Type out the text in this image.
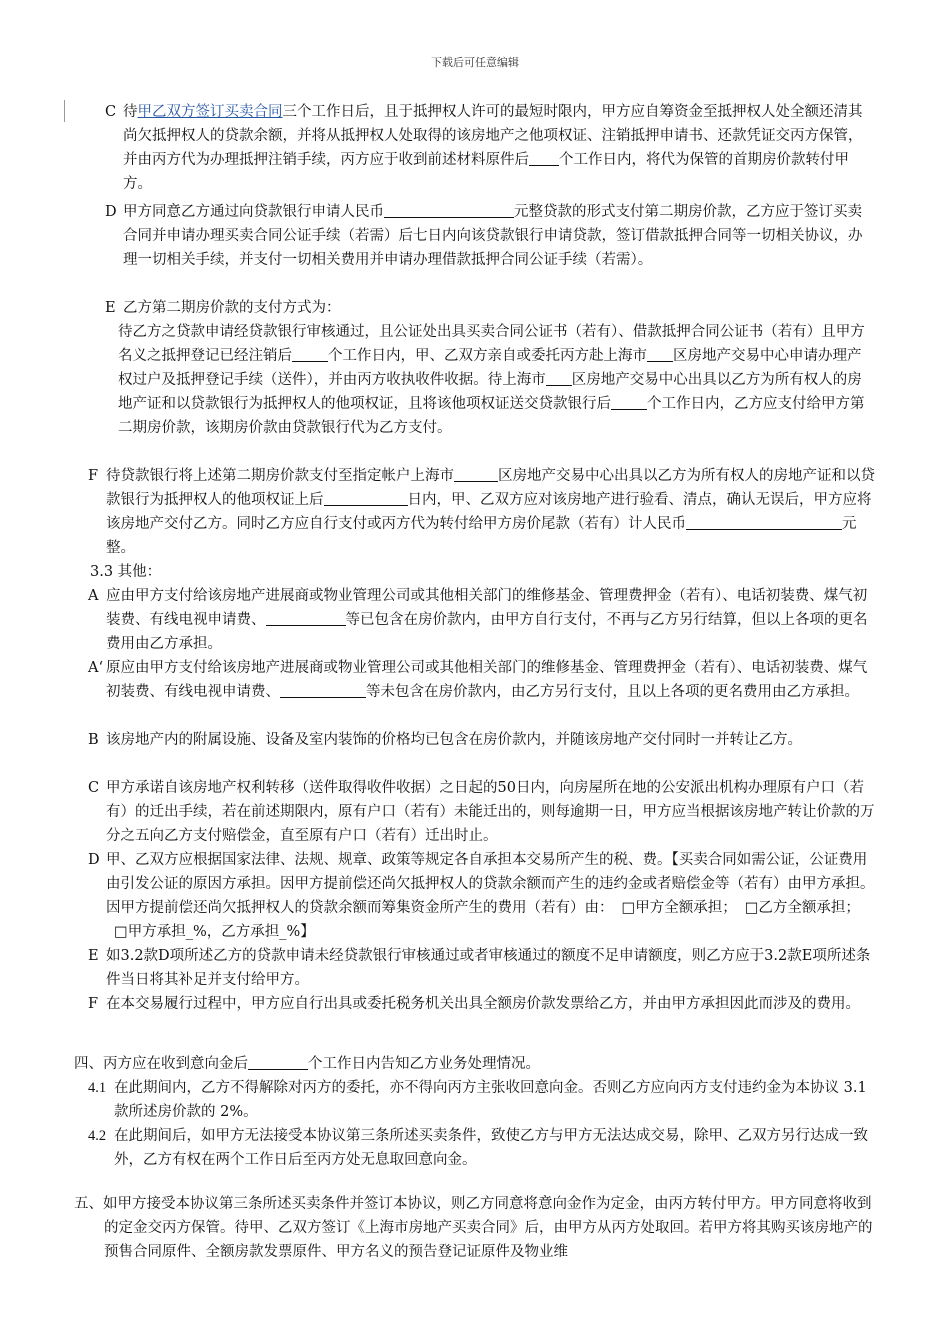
下载后可任意编辑
C 待甲乙双方签订买卖合同三个工作日后，且于抵押权人许可的最短时限内，甲方应自筹资金至抵押权人处全额还清其尚欠抵押权人的贷款余额，并将从抵押权人处取得的该房地产之他项权证、注销抵押申请书、还款凭证交丙方保管，并由丙方代为办理抵押注销手续，丙方应于收到前述材料原件后 个工作日内，将代为保管的首期房价款转付甲方。
D 甲方同意乙方通过向贷款银行申请人民币	元整贷款的形式支付第二期房价款，乙方应于签订买卖合同并申请办理买卖合同公证手续（若需）后七日内向该贷款银行申请贷款，签订借款抵押合同等一切相关协议，办理一切相关手续，并支付一切相关费用并申请办理借款抵押合同公证手续（若需）。
E 乙方第二期房价款的支付方式为：
待乙方之贷款申请经贷款银行审核通过，且公证处出具买卖合同公证书（若有）、借款抵押合同公证书（若有）且甲方名义之抵押登记已经注销后 个工作日内，甲、乙双方亲自或委托丙方赴上海市 区房地产交易中心申请办理产权过户及抵押登记手续（送件），并由丙方收执收件收据。待上海市 区房地产交易中心出具以乙方为所有权人的房地产证和以贷款银行为抵押权人的他项权证，且将该他项权证送交贷款银行后 个工作日内，乙方应支付给甲方第二期房价款，该期房价款由贷款银行代为乙方支付。
F 待贷款银行将上述第二期房价款支付至指定帐户上海市	区房地产交易中心出具以乙方为所有权人的房地产证和以贷款银行为抵押权人的他项权证上后	日内，甲、乙双方应对该房地产进行验看、清点，确认无误后，甲方应将该房地产交付乙方。同时乙方应自行支付或丙方代为转付给甲方房价尾款（若有）计人民币	元整。
3.3 其他：
A 应由甲方支付给该房地产进展商或物业管理公司或其他相关部门的维修基金、管理费押金（若有）、电话初装费、煤气初装费、有线电视申请费、	等已包含在房价款内，由甲方自行支付，不再与乙方另行结算，但以上各项的更名费用由乙方承担。
A‘ 原应由甲方支付给该房地产进展商或物业管理公司或其他相关部门的维修基金、管理费押金（若有）、电话初装费、煤气初装费、有线电视申请费、	等未包含在房价款内，由乙方另行支付，且以上各项的更名费用由乙方承担。
B 该房地产内的附属设施、设备及室内装饰的价格均已包含在房价款内，并随该房地产交付同时一并转让乙方。
C 甲方承诺自该房地产权利转移（送件取得收件收据）之日起的50日内，向房屋所在地的公安派出机构办理原有户口（若有）的迁出手续，若在前述期限内，原有户口（若有）未能迁出的，则每逾期一日，甲方应当根据该房地产转让价款的万分之五向乙方支付赔偿金，直至原有户口（若有）迁出时止。
D 甲、乙双方应根据国家法律、法规、规章、政策等规定各自承担本交易所产生的税、费。【买卖合同如需公证，公证费用由引发公证的原因方承担。因甲方提前偿还尚欠抵押权人的贷款余额而产生的违约金或者赔偿金等（若有）由甲方承担。因甲方提前偿还尚欠抵押权人的贷款余额而筹集资金所产生的费用（若有）由： □甲方全额承担； □乙方全额承担；□甲方承担_%，乙方承担_%】
E 如3.2款D项所述乙方的贷款申请未经贷款银行审核通过或者审核通过的额度不足申请额度，则乙方应于3.2款E项所述条件当日将其补足并支付给甲方。
F 在本交易履行过程中，甲方应自行出具或委托税务机关出具全额房价款发票给乙方，并由甲方承担因此而涉及的费用。
四、丙方应在收到意向金后	个工作日内告知乙方业务处理情况。
4.1 在此期间内，乙方不得解除对丙方的委托，亦不得向丙方主张收回意向金。否则乙方应向丙方支付违约金为本协议 3.1 款所述房价款的 2%。
4.2 在此期间后，如甲方无法接受本协议第三条所述买卖条件，致使乙方与甲方无法达成交易，除甲、乙双方另行达成一致外，乙方有权在两个工作日后至丙方处无息取回意向金。
五、如甲方接受本协议第三条所述买卖条件并签订本协议，则乙方同意将意向金作为定金，由丙方转付甲方。甲方同意将收到的定金交丙方保管。待甲、乙双方签订《上海市房地产买卖合同》后，由甲方从丙方处取回。若甲方将其购买该房地产的预售合同原件、全额房款发票原件、甲方名义的预告登记证原件及物业维
